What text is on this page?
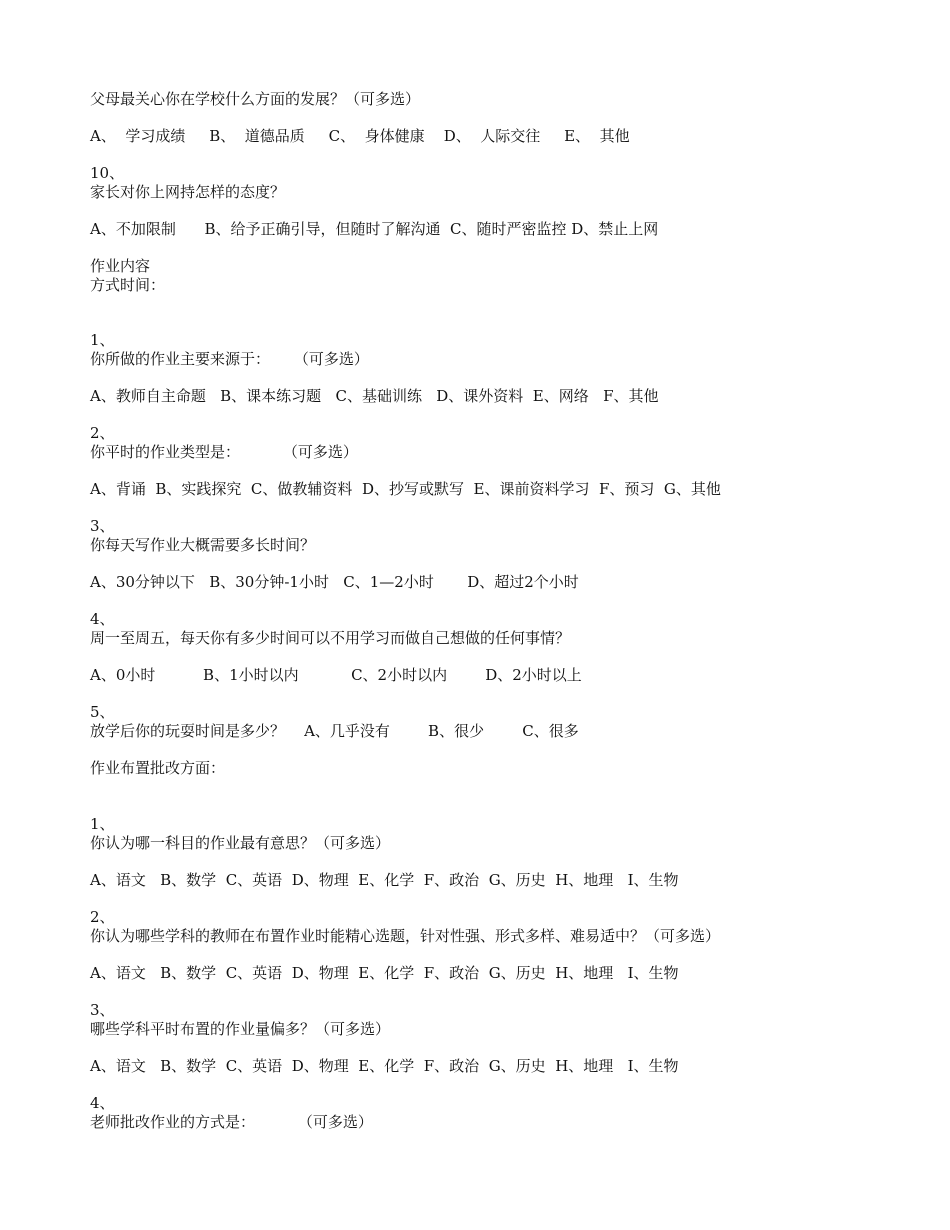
父母最关心你在学校什么方面的发展？（可多选）
A、  学习成绩     B、  道德品质     C、  身体健康    D、  人际交往     E、  其他
10、
家长对你上网持怎样的态度？
A、不加限制      B、给予正确引导，但随时了解沟通  C、随时严密监控 D、禁止上网
作业内容
方式时间：
1、
你所做的作业主要来源于：     （可多选）
A、教师自主命题   B、课本练习题   C、基础训练   D、课外资料  E、网络   F、其他
2、
你平时的作业类型是：         （可多选）
A、背诵  B、实践探究  C、做教辅资料  D、抄写或默写  E、课前资料学习  F、预习  G、其他
3、
你每天写作业大概需要多长时间？
A、30分钟以下   B、30分钟-1小时   C、1—2小时       D、超过2个小时
4、
周一至周五，每天你有多少时间可以不用学习而做自己想做的任何事情？
A、0小时          B、1小时以内           C、2小时以内        D、2小时以上
5、
放学后你的玩耍时间是多少？    A、几乎没有        B、很少        C、很多
作业布置批改方面：
1、
你认为哪一科目的作业最有意思？（可多选）
A、语文   B、数学  C、英语  D、物理  E、化学  F、政治  G、历史  H、地理   I、生物
2、
你认为哪些学科的教师在布置作业时能精心选题，针对性强、形式多样、难易适中？（可多选）
A、语文   B、数学  C、英语  D、物理  E、化学  F、政治  G、历史  H、地理   I、生物
3、
哪些学科平时布置的作业量偏多？（可多选）
A、语文   B、数学  C、英语  D、物理  E、化学  F、政治  G、历史  H、地理   I、生物
4、
老师批改作业的方式是：         （可多选）
